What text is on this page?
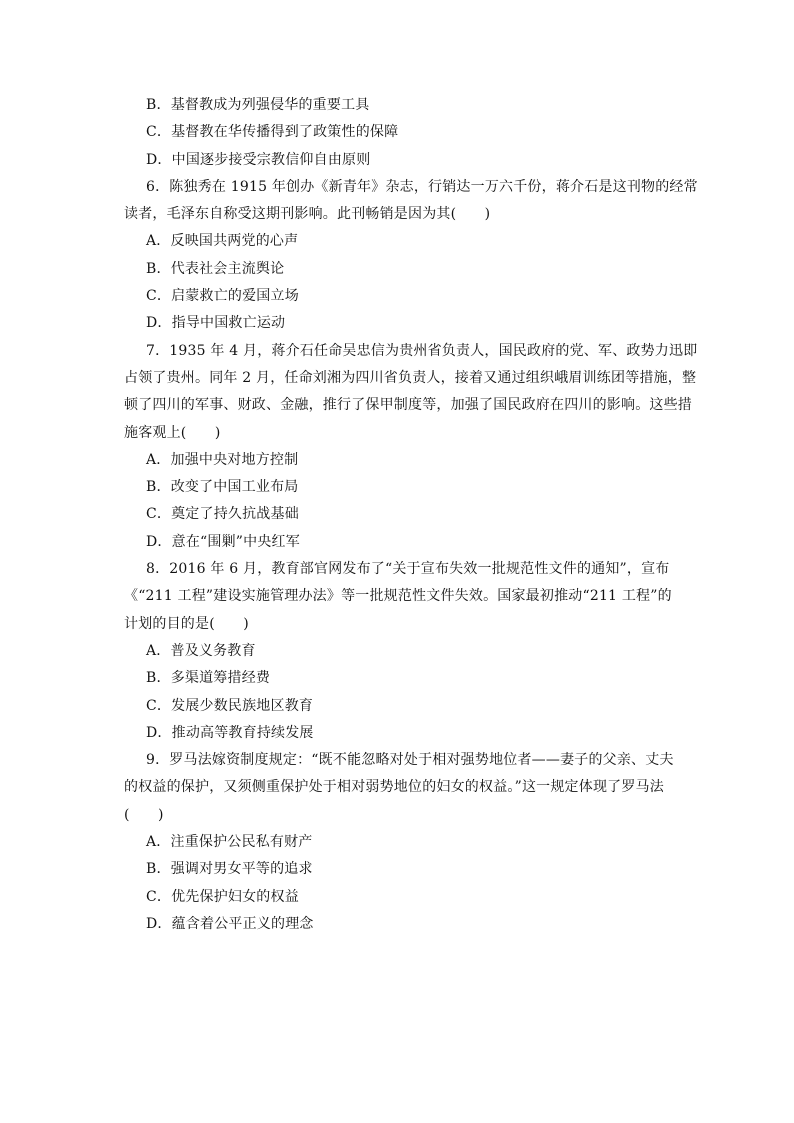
B．基督教成为列强侵华的重要工具
C．基督教在华传播得到了政策性的保障
D．中国逐步接受宗教信仰自由原则
6．陈独秀在 1915 年创办《新青年》杂志，行销达一万六千份，蒋介石是这刊物的经常
读者，毛泽东自称受这期刊影响。此刊畅销是因为其(　　)
A．反映国共两党的心声
B．代表社会主流舆论
C．启蒙救亡的爱国立场
D．指导中国救亡运动
7．1935 年 4 月，蒋介石任命吴忠信为贵州省负责人，国民政府的党、军、政势力迅即
占领了贵州。同年 2 月，任命刘湘为四川省负责人，接着又通过组织峨眉训练团等措施，整
顿了四川的军事、财政、金融，推行了保甲制度等，加强了国民政府在四川的影响。这些措
施客观上(　　)
A．加强中央对地方控制
B．改变了中国工业布局
C．奠定了持久抗战基础
D．意在“围剿”中央红军
8．2016 年 6 月，教育部官网发布了“关于宣布失效一批规范性文件的通知”，宣布
《“211 工程”建设实施管理办法》等一批规范性文件失效。国家最初推动“211 工程”的
计划的目的是(　　)
A．普及义务教育
B．多渠道筹措经费
C．发展少数民族地区教育
D．推动高等教育持续发展
9．罗马法嫁资制度规定：“既不能忽略对处于相对强势地位者——妻子的父亲、丈夫
的权益的保护，又须侧重保护处于相对弱势地位的妇女的权益。”这一规定体现了罗马法
(　　)
A．注重保护公民私有财产
B．强调对男女平等的追求
C．优先保护妇女的权益
D．蕴含着公平正义的理念
